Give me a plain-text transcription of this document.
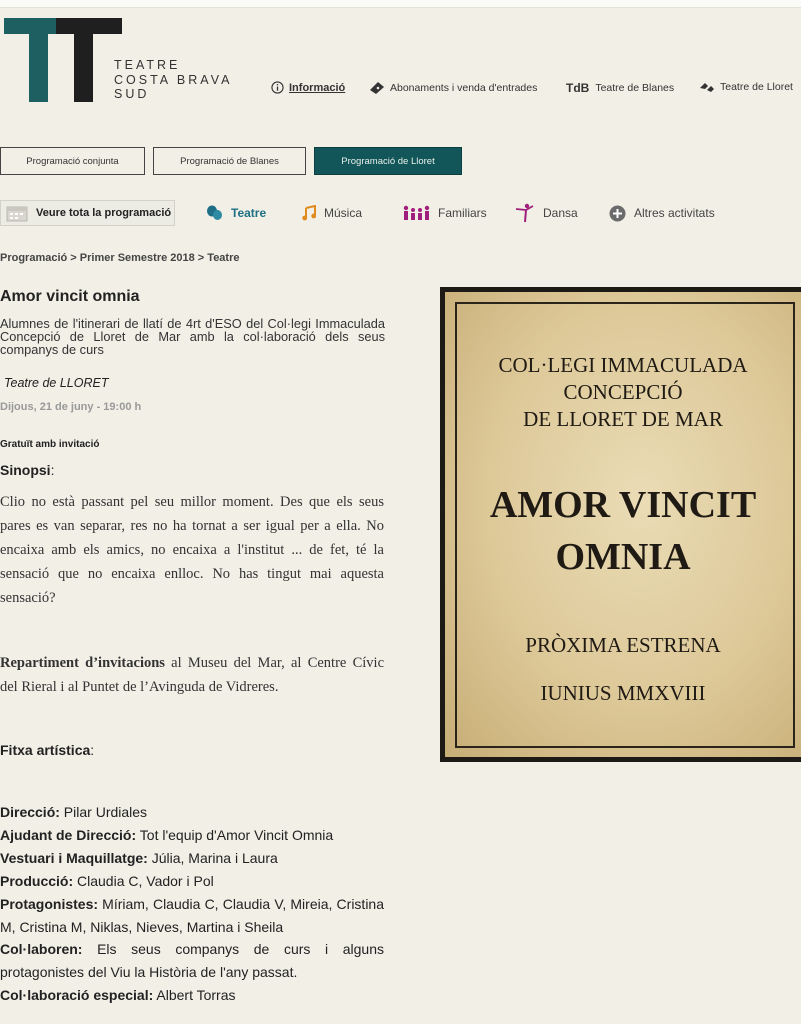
TEATRE
COSTA BRAVA
SUD	Informació	Abonaments i venda d'entrades TdB Teatre de Blanes	Teatre de Lloret
Programació conjunta	Programació de Blanes	Programació de Lloret
Veure tota la programació	Teatre	Música	Familiars	Dansa	Altres activitats
Programació > Primer Semestre 2018 > Teatre
Amor vincit omnia
Alumnes de l'itinerari de llatí de 4rt d'ESO del Col·legi Immaculada Concepció de Lloret de Mar amb la col·laboració dels seus companys de curs
Teatre de LLORET
Dijous, 21 de juny - 19:00 h
Gratuït amb invitació
Sinopsi:
Clio no està passant pel seu millor moment. Des que els seus pares es van separar, res no ha tornat a ser igual per a ella. No encaixa amb els amics, no encaixa a l'institut ... de fet, té la sensació que no encaixa enlloc. No has tingut mai aquesta sensació?
Repartiment d’invitacions al Museu del Mar, al Centre Cívic del Rieral i al Puntet de l’Avinguda de Vidreres.
Fitxa artística:
Direcció: Pilar Urdiales
Ajudant de Direcció: Tot l'equip d'Amor Vincit Omnia
Vestuari i Maquillatge: Júlia, Marina i Laura
Producció: Claudia C, Vador i Pol
Protagonistes: Míriam, Claudia C, Claudia V, Mireia, Cristina M, Cristina M, Niklas, Nieves, Martina i Sheila
Col·laboren: Els seus companys de curs i alguns protagonistes del Viu la Història de l'any passat.
Col·laboració especial: Albert Torras
COL·LEGI IMMACULADA
CONCEPCIÓ
DE LLORET DE MAR
AMOR VINCIT
OMNIA
PRÒXIMA ESTRENA
IUNIUS MMXVIII
